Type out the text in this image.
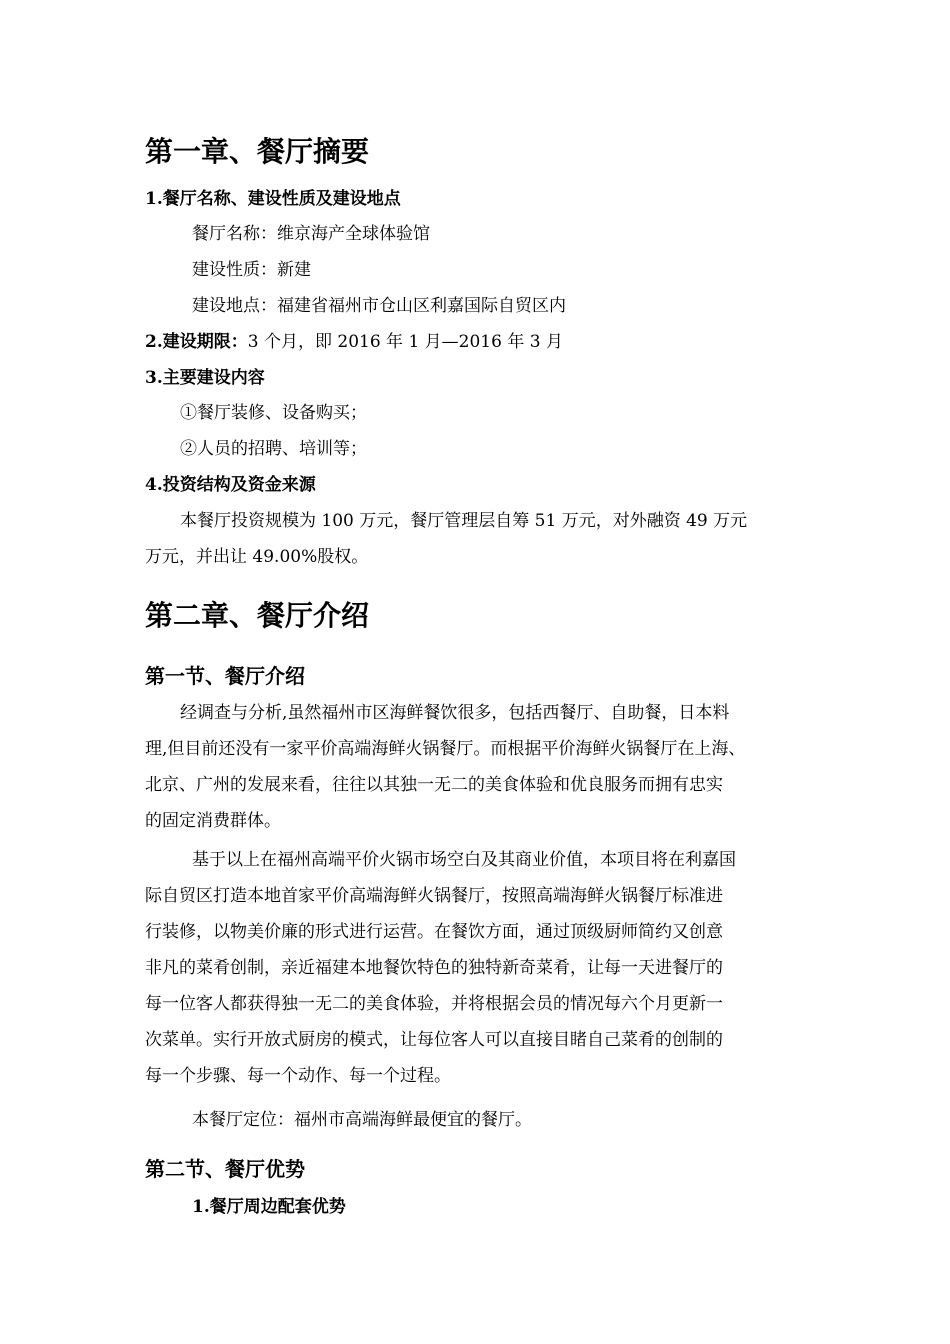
第一章、餐厅摘要
1.餐厅名称、建设性质及建设地点
餐厅名称：维京海产全球体验馆
建设性质：新建
建设地点：福建省福州市仓山区利嘉国际自贸区内
2.建设期限：3 个月，即 2016 年 1 月—2016 年 3 月
3.主要建设内容
①餐厅装修、设备购买；
②人员的招聘、培训等；
4.投资结构及资金来源
本餐厅投资规模为 100 万元，餐厅管理层自筹 51 万元，对外融资 49 万元
万元，并出让 49.00%股权。
第二章、餐厅介绍
第一节、餐厅介绍
经调查与分析,虽然福州市区海鲜餐饮很多，包括西餐厅、自助餐，日本料
理,但目前还没有一家平价高端海鲜火锅餐厅。而根据平价海鲜火锅餐厅在上海、
北京、广州的发展来看，往往以其独一无二的美食体验和优良服务而拥有忠实
的固定消费群体。
基于以上在福州高端平价火锅市场空白及其商业价值，本项目将在利嘉国
际自贸区打造本地首家平价高端海鲜火锅餐厅，按照高端海鲜火锅餐厅标准进
行装修，以物美价廉的形式进行运营。在餐饮方面，通过顶级厨师简约又创意
非凡的菜肴创制，亲近福建本地餐饮特色的独特新奇菜肴，让每一天进餐厅的
每一位客人都获得独一无二的美食体验，并将根据会员的情况每六个月更新一
次菜单。实行开放式厨房的模式，让每位客人可以直接目睹自己菜肴的创制的
每一个步骤、每一个动作、每一个过程。
本餐厅定位：福州市高端海鲜最便宜的餐厅。
第二节、餐厅优势
1.餐厅周边配套优势
